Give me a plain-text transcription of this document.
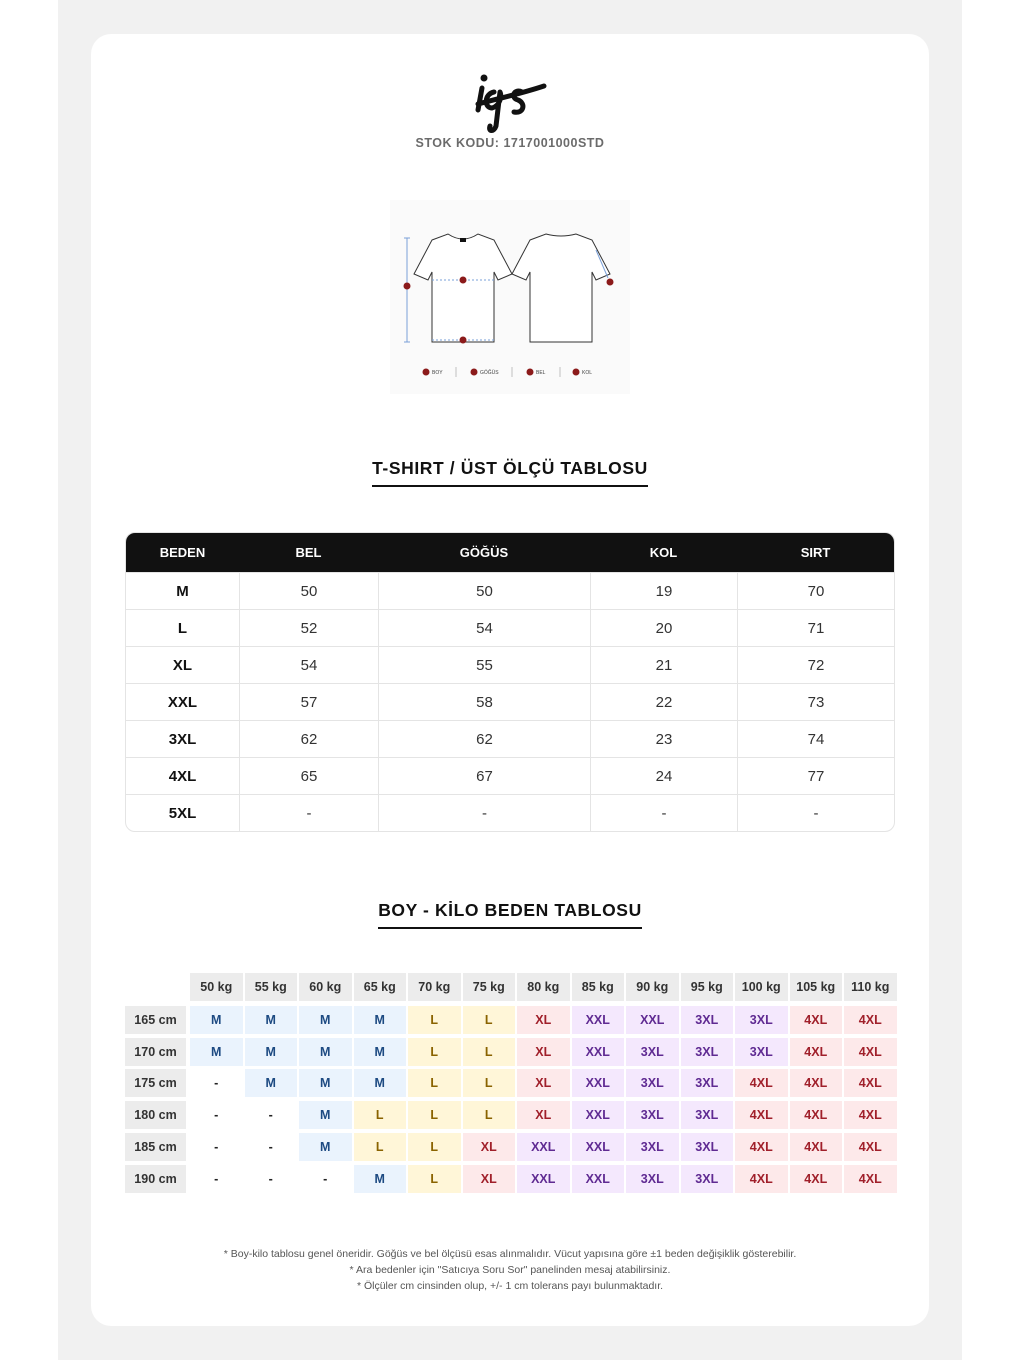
STOK KODU: 1717001000STD
BOY	GÖĞÜS	BEL	KOL
T-SHIRT / ÜST ÖLÇÜ TABLOSU
BEDEN	BEL	GÖĞÜS	KOL	SIRT
M	50	50	19	70
L	52	54	20	71
XL	54	55	21	72
XXL	57	58	22	73
3XL	62	62	23	74
4XL	65	67	24	77
5XL	-	-	-	-
BOY - KİLO BEDEN TABLOSU
50 kg	55 kg	60 kg	65 kg	70 kg	75 kg	80 kg	85 kg	90 kg	95 kg	100 kg	105 kg	110 kg
165 cm	M	M	M	M	L	L	XL	XXL	XXL	3XL	3XL	4XL	4XL
170 cm	M	M	M	M	L	L	XL	XXL	3XL	3XL	3XL	4XL	4XL
175 cm	-	M	M	M	L	L	XL	XXL	3XL	3XL	4XL	4XL	4XL
180 cm	-	-	M	L	L	L	XL	XXL	3XL	3XL	4XL	4XL	4XL
185 cm	-	-	M	L	L	XL	XXL	XXL	3XL	3XL	4XL	4XL	4XL
190 cm	-	-	-	M	L	XL	XXL	XXL	3XL	3XL	4XL	4XL	4XL
* Boy-kilo tablosu genel öneridir. Göğüs ve bel ölçüsü esas alınmalıdır. Vücut yapısına göre ±1 beden değişiklik gösterebilir.
* Ara bedenler için "Satıcıya Soru Sor" panelinden mesaj atabilirsiniz.
* Ölçüler cm cinsinden olup, +/- 1 cm tolerans payı bulunmaktadır.
